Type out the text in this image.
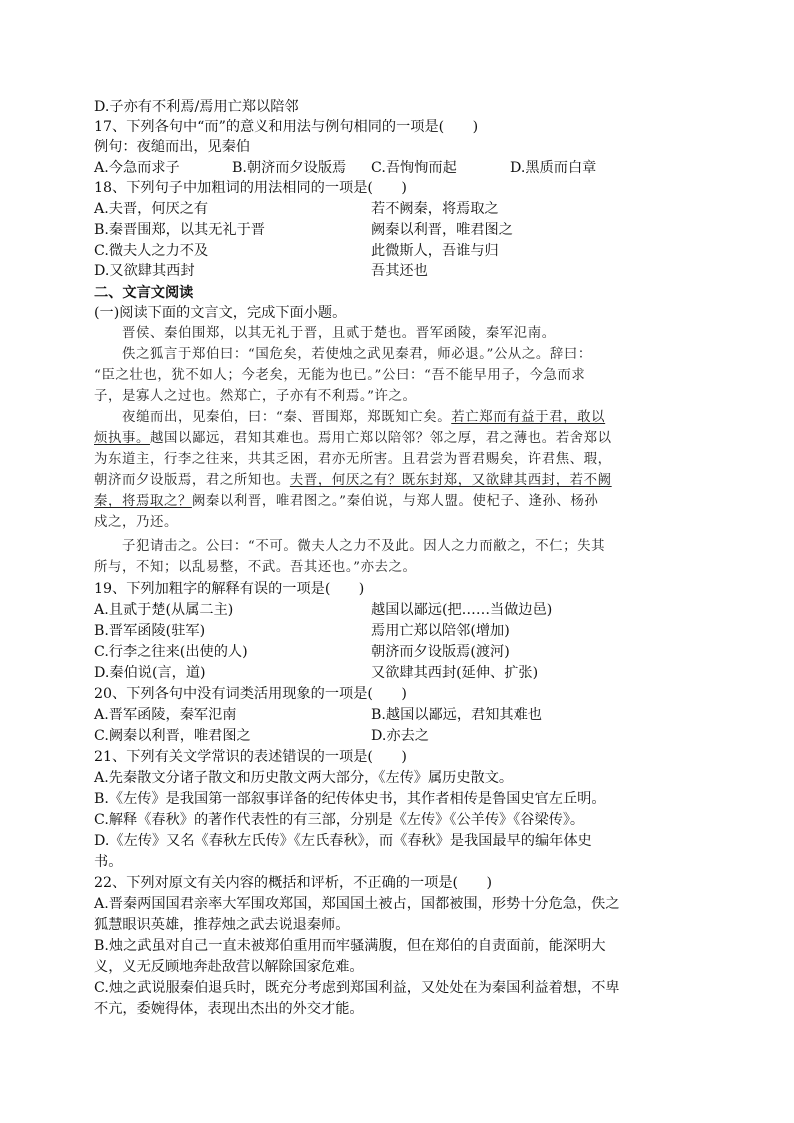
D.子亦有不利焉/焉用亡郑以陪邻
17、下列各句中“而”的意义和用法与例句相同的一项是(　　)
例句：夜缒而出，见秦伯
A.今急而求子	B.朝济而夕设版焉 C.吾恂恂而起	D.黑质而白章
18、下列句子中加粗词的用法相同的一项是(　　)
A.夫晋，何厌之有	若不阙秦，将焉取之
B.秦晋围郑，以其无礼于晋	阙秦以利晋，唯君图之
C.微夫人之力不及	此微斯人，吾谁与归
D.又欲肆其西封	吾其还也
二、文言文阅读
(一)阅读下面的文言文，完成下面小题。
晋侯、秦伯围郑，以其无礼于晋，且贰于楚也。晋军函陵，秦军氾南。
佚之狐言于郑伯曰：“国危矣，若使烛之武见秦君，师必退。”公从之。辞曰：
“臣之壮也，犹不如人；今老矣，无能为也已。”公曰：“吾不能早用子，今急而求
子，是寡人之过也。然郑亡，子亦有不利焉。”许之。
夜缒而出，见秦伯，曰：“秦、晋围郑，郑既知亡矣。若亡郑而有益于君，敢以
烦执事。越国以鄙远，君知其难也。焉用亡郑以陪邻？邻之厚，君之薄也。若舍郑以
为东道主，行李之往来，共其乏困，君亦无所害。且君尝为晋君赐矣，许君焦、瑕，
朝济而夕设版焉，君之所知也。夫晋，何厌之有？既东封郑，又欲肆其西封，若不阙
秦，将焉取之？阙秦以利晋，唯君图之。”秦伯说，与郑人盟。使杞子、逢孙、杨孙
戍之，乃还。
子犯请击之。公曰：“不可。微夫人之力不及此。因人之力而敝之，不仁；失其
所与，不知；以乱易整，不武。吾其还也。”亦去之。
19、下列加粗字的解释有误的一项是(　　)
A.且贰于楚(从属二主)	越国以鄙远(把……当做边邑)
B.晋军函陵(驻军)	焉用亡郑以陪邻(增加)
C.行李之往来(出使的人)	朝济而夕设版焉(渡河)
D.秦伯说(言，道)	又欲肆其西封(延伸、扩张)
20、下列各句中没有词类活用现象的一项是(　　)
A.晋军函陵，秦军氾南	B.越国以鄙远，君知其难也
C.阙秦以利晋，唯君图之	D.亦去之
21、下列有关文学常识的表述错误的一项是(　　)
A.先秦散文分诸子散文和历史散文两大部分，《左传》属历史散文。
B.《左传》是我国第一部叙事详备的纪传体史书，其作者相传是鲁国史官左丘明。
C.解释《春秋》的著作代表性的有三部，分别是《左传》《公羊传》《谷梁传》。
D.《左传》又名《春秋左氏传》《左氏春秋》，而《春秋》是我国最早的编年体史
书。
22、下列对原文有关内容的概括和评析，不正确的一项是(　　)
A.晋秦两国国君亲率大军围攻郑国，郑国国土被占，国都被围，形势十分危急，佚之
狐慧眼识英雄，推荐烛之武去说退秦师。
B.烛之武虽对自己一直未被郑伯重用而牢骚满腹，但在郑伯的自责面前，能深明大
义，义无反顾地奔赴敌营以解除国家危难。
C.烛之武说服秦伯退兵时，既充分考虑到郑国利益，又处处在为秦国利益着想，不卑
不亢，委婉得体，表现出杰出的外交才能。
